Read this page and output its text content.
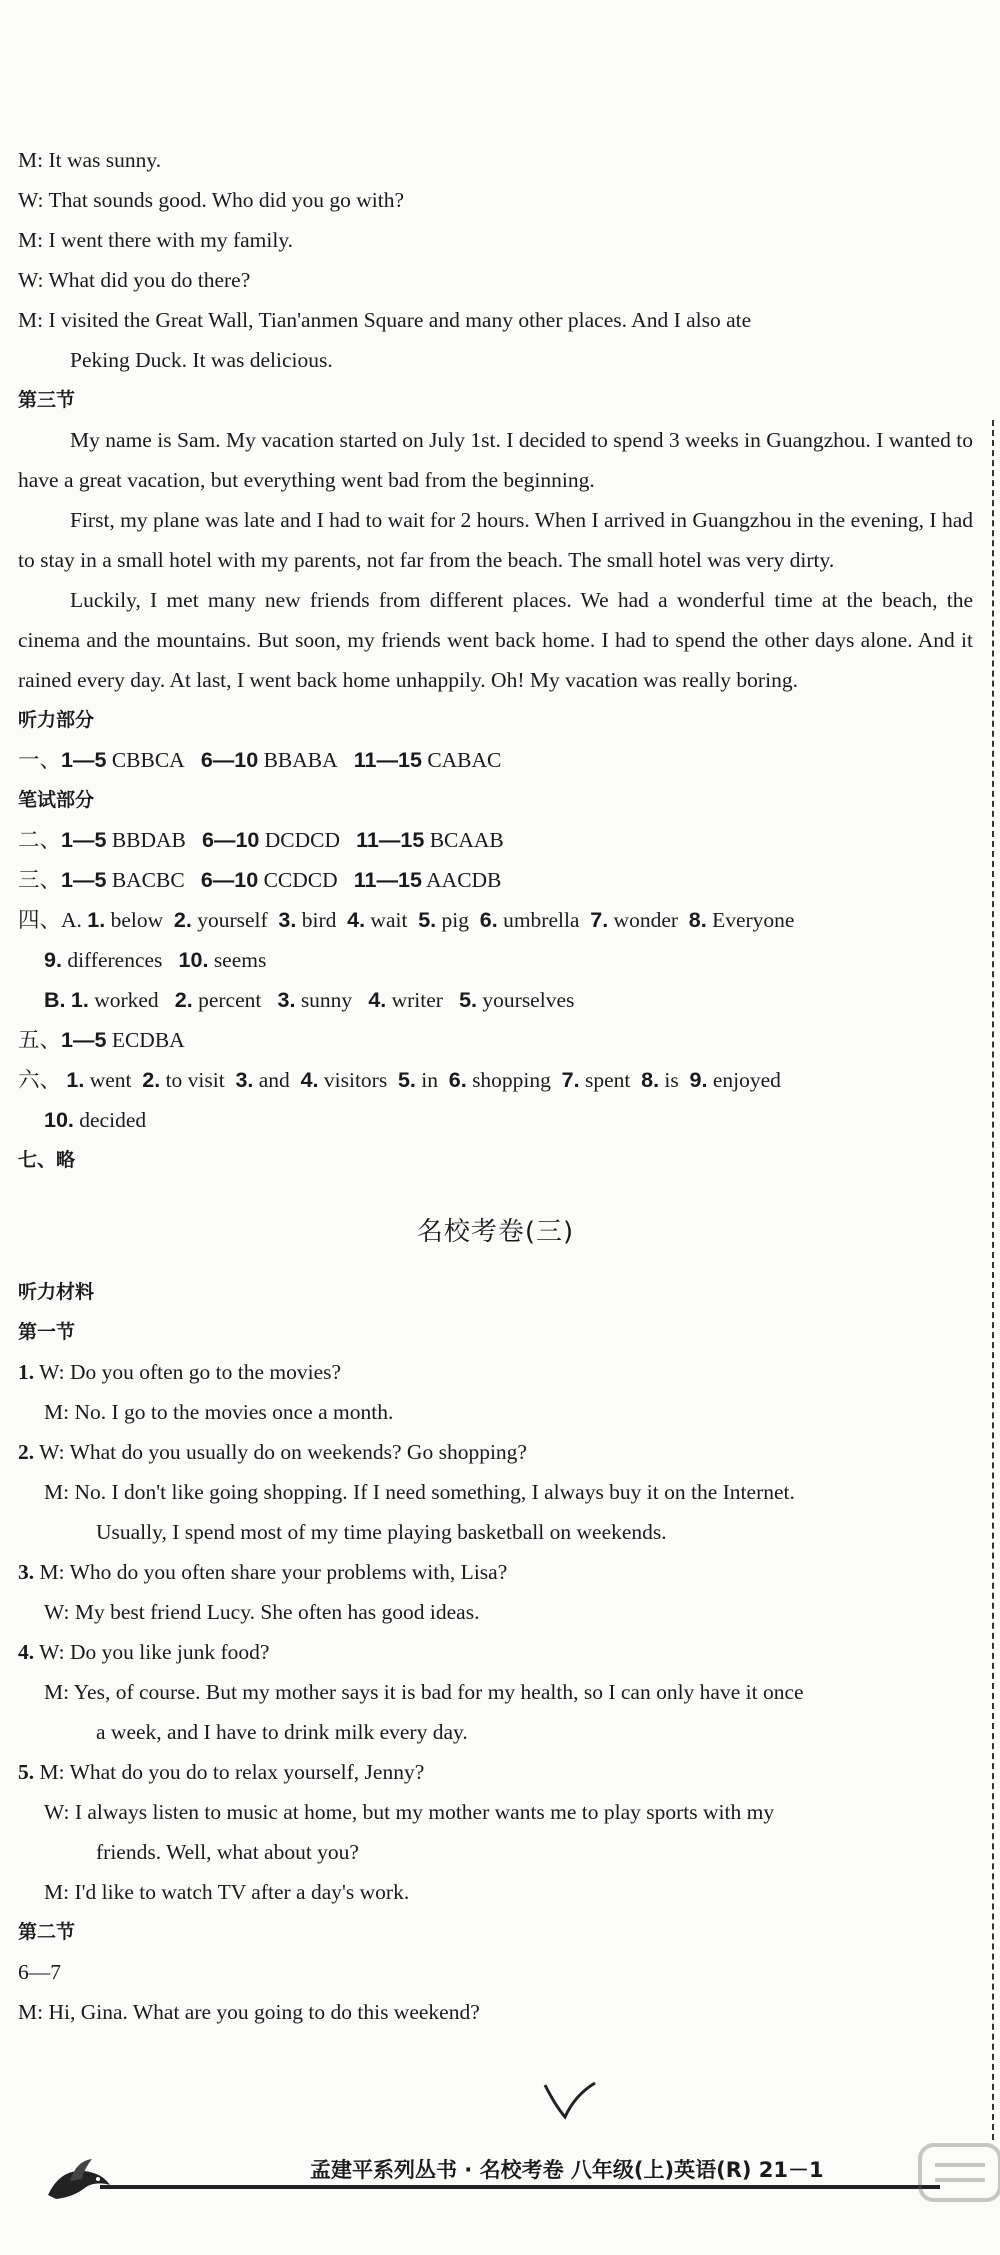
M: It was sunny.
W: That sounds good. Who did you go with?
M: I went there with my family.
W: What did you do there?
M: I visited the Great Wall, Tian'anmen Square and many other places. And I also ate
Peking Duck. It was delicious.
第三节
My name is Sam. My vacation started on July 1st. I decided to spend 3 weeks in Guangzhou. I wanted to have a great vacation, but everything went bad from the beginning.
First, my plane was late and I had to wait for 2 hours. When I arrived in Guangzhou in the evening, I had to stay in a small hotel with my parents, not far from the beach. The small hotel was very dirty.
Luckily, I met many new friends from different places. We had a wonderful time at the beach, the cinema and the mountains. But soon, my friends went back home. I had to spend the other days alone. And it rained every day. At last, I went back home unhappily. Oh! My vacation was really boring.
听力部分
一、1—5 CBBCA 6—10 BBABA 11—15 CABAC
笔试部分
二、1—5 BBDAB 6—10 DCDCD 11—15 BCAAB
三、1—5 BACBC 6—10 CCDCD 11—15 AACDB
四、A. 1. below 2. yourself 3. bird 4. wait 5. pig 6. umbrella 7. wonder 8. Everyone
9. differences 10. seems
B. 1. worked 2. percent 3. sunny 4. writer 5. yourselves
五、1—5 ECDBA
六、 1. went 2. to visit 3. and 4. visitors 5. in 6. shopping 7. spent 8. is 9. enjoyed
10. decided
七、略
名校考卷(三)
听力材料
第一节
1. W: Do you often go to the movies?
M: No. I go to the movies once a month.
2. W: What do you usually do on weekends? Go shopping?
M: No. I don't like going shopping. If I need something, I always buy it on the Internet.
Usually, I spend most of my time playing basketball on weekends.
3. M: Who do you often share your problems with, Lisa?
W: My best friend Lucy. She often has good ideas.
4. W: Do you like junk food?
M: Yes, of course. But my mother says it is bad for my health, so I can only have it once
a week, and I have to drink milk every day.
5. M: What do you do to relax yourself, Jenny?
W: I always listen to music at home, but my mother wants me to play sports with my
friends. Well, what about you?
M: I'd like to watch TV after a day's work.
第二节
6—7
M: Hi, Gina. What are you going to do this weekend?
孟建平系列丛书 · 名校考卷 八年级(上)英语(R) 21－1
